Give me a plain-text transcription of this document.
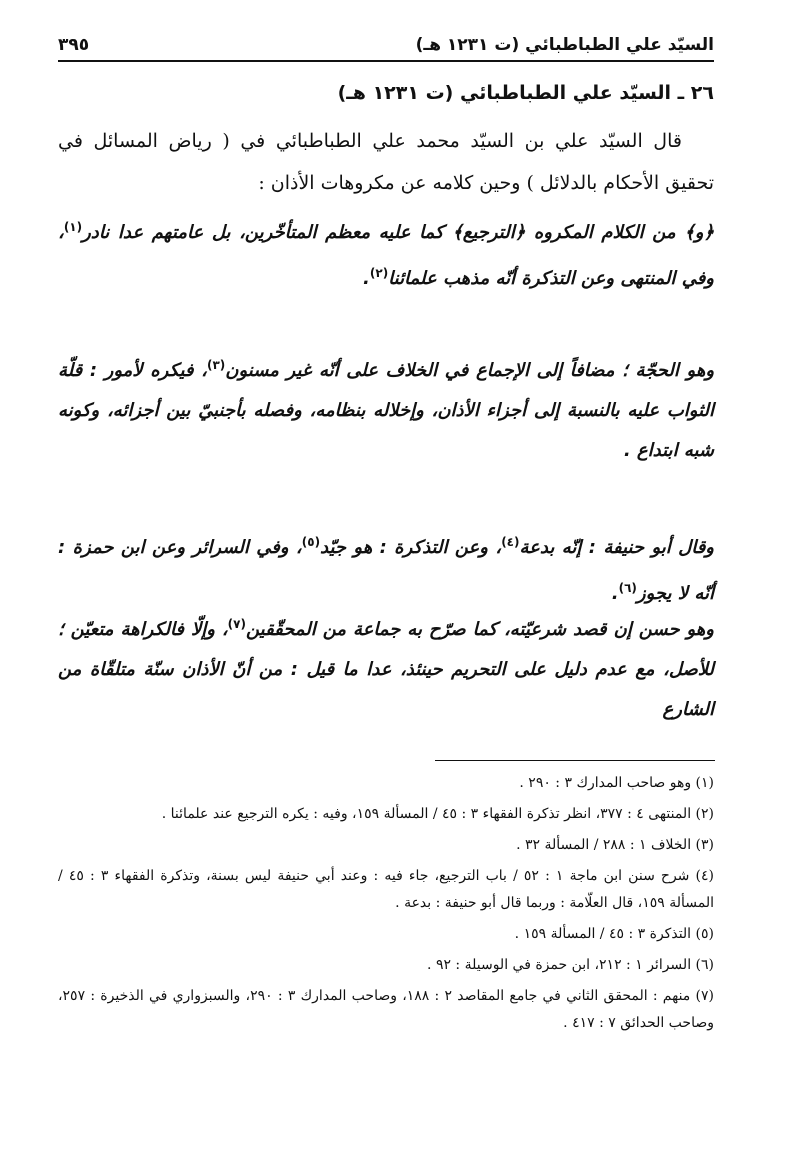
السيّد علي الطباطبائي (ت ١٢٣١ هـ)
٣٩٥
٢٦ ـ السيّد علي الطباطبائي (ت ١٢٣١ هـ)

قال السيّد علي بن السيّد محمد علي الطباطبائي في ( رياض المسائل في تحقيق الأحكام بالدلائل ) وحين كلامه عن مكروهات الأذان :

﴿و﴾ من الكلام المكروه ﴿الترجيع﴾ كما عليه معظم المتأخّرين، بل عامتهم عدا نادر$^{(١)}$، وفي المنتهى وعن التذكرة أنّه مذهب علمائنا$^{(٢)}$.

وهو الحجّة ؛ مضافاً إلى الإجماع في الخلاف على أنّه غير مسنون$^{(٣)}$، فيكره لأمور : قلّة الثواب عليه بالنسبة إلى أجزاء الأذان، وإخلاله بنظامه، وفصله بأجنبيّ بين أجزائه، وكونه شبه ابتداع .

وقال أبو حنيفة : إنّه بدعة$^{(٤)}$، وعن التذكرة : هو جيّد$^{(٥)}$، وفي السرائر وعن ابن حمزة : أنّه لا يجوز$^{(٦)}$.

وهو حسن إن قصد شرعيّته، كما صرّح به جماعة من المحقّقين$^{(٧)}$، وإلّا فالكراهة متعيّن ؛ للأصل، مع عدم دليل على التحريم حينئذ، عدا ما قيل : من أنّ الأذان سنّة متلقّاة من الشارع

(١) وهو صاحب المدارك ٣ : ٢٩٠ .

(٢) المنتهى ٤ : ٣٧٧، انظر تذكرة الفقهاء ٣ : ٤٥ / المسألة ١٥٩، وفيه : يكره الترجيع عند علمائنا .

(٣) الخلاف ١ : ٢٨٨ / المسألة ٣٢ .

(٤) شرح سنن ابن ماجة ١ : ٥٢ / باب الترجيع، جاء فيه : وعند أبي حنيفة ليس بسنة، وتذكرة الفقهاء ٣ : ٤٥ / المسألة ١٥٩، قال العلّامة : وربما قال أبو حنيفة : بدعة .

(٥) التذكرة ٣ : ٤٥ / المسألة ١٥٩ .

(٦) السرائر ١ : ٢١٢، ابن حمزة في الوسيلة : ٩٢ .

(٧) منهم : المحقق الثاني في جامع المقاصد ٢ : ١٨٨، وصاحب المدارك ٣ : ٢٩٠، والسبزواري في الذخيرة : ٢٥٧، وصاحب الحدائق ٧ : ٤١٧ .
